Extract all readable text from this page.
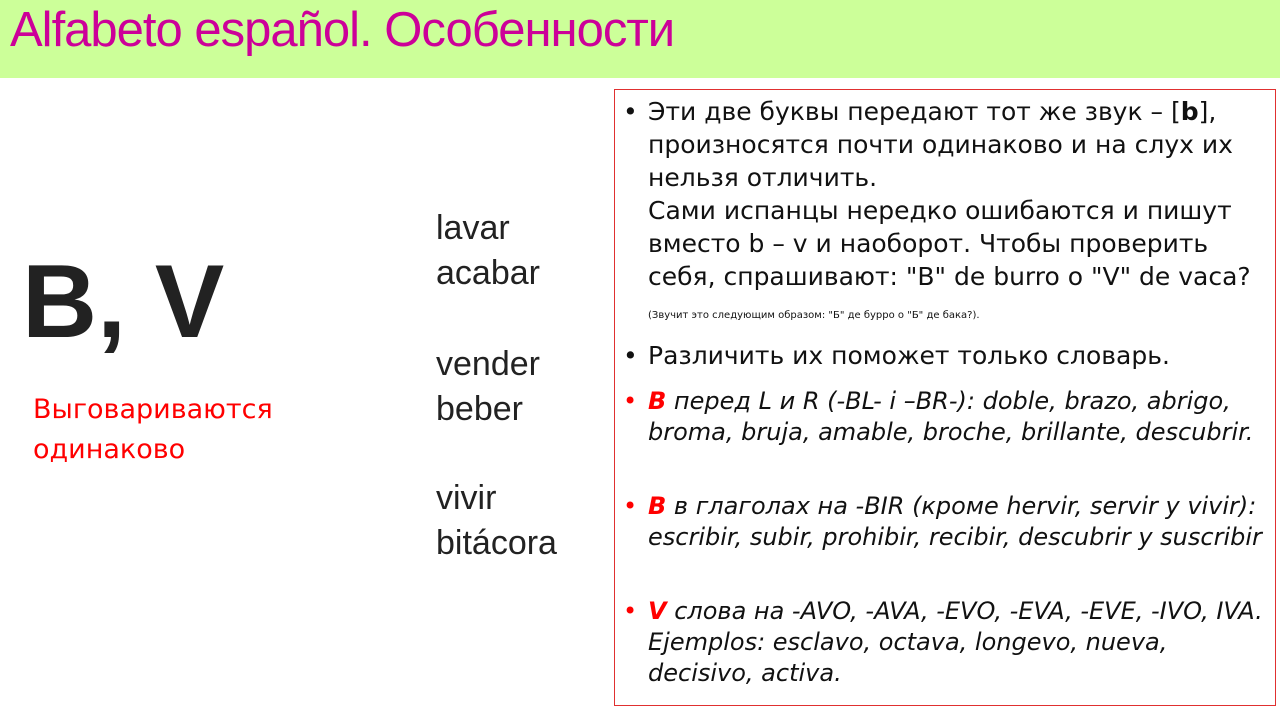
Alfabeto español. Особенности
B, V
Выговариваются одинаково
lavar
acabar
vender
beber
vivir
bitácora
• Эти две буквы передают тот же звук – [b], произносятся почти одинаково и на слух их нельзя отличить.
Сами испанцы нередко ошибаются и пишут вместо b – v и наоборот. Чтобы проверить себя, спрашивают: "B" de burro o "V" de vaca? (Звучит это следующим образом: "Б" де бурро о "Б" де бака?).
• Различить их поможет только словарь.
• B перед L и R (-BL- i –BR-): doble, brazo, abrigo, broma, bruja, amable, broche, brillante, descubrir.
• B в глаголах на -BIR (кроме hervir, servir y vivir): escribir, subir, prohibir, recibir, descubrir y suscribir
• V слова на -AVO, -AVA, -EVO, -EVA, -EVE, -IVO, IVA. Ejemplos: esclavo, octava, longevo, nueva, decisivo, activa.
